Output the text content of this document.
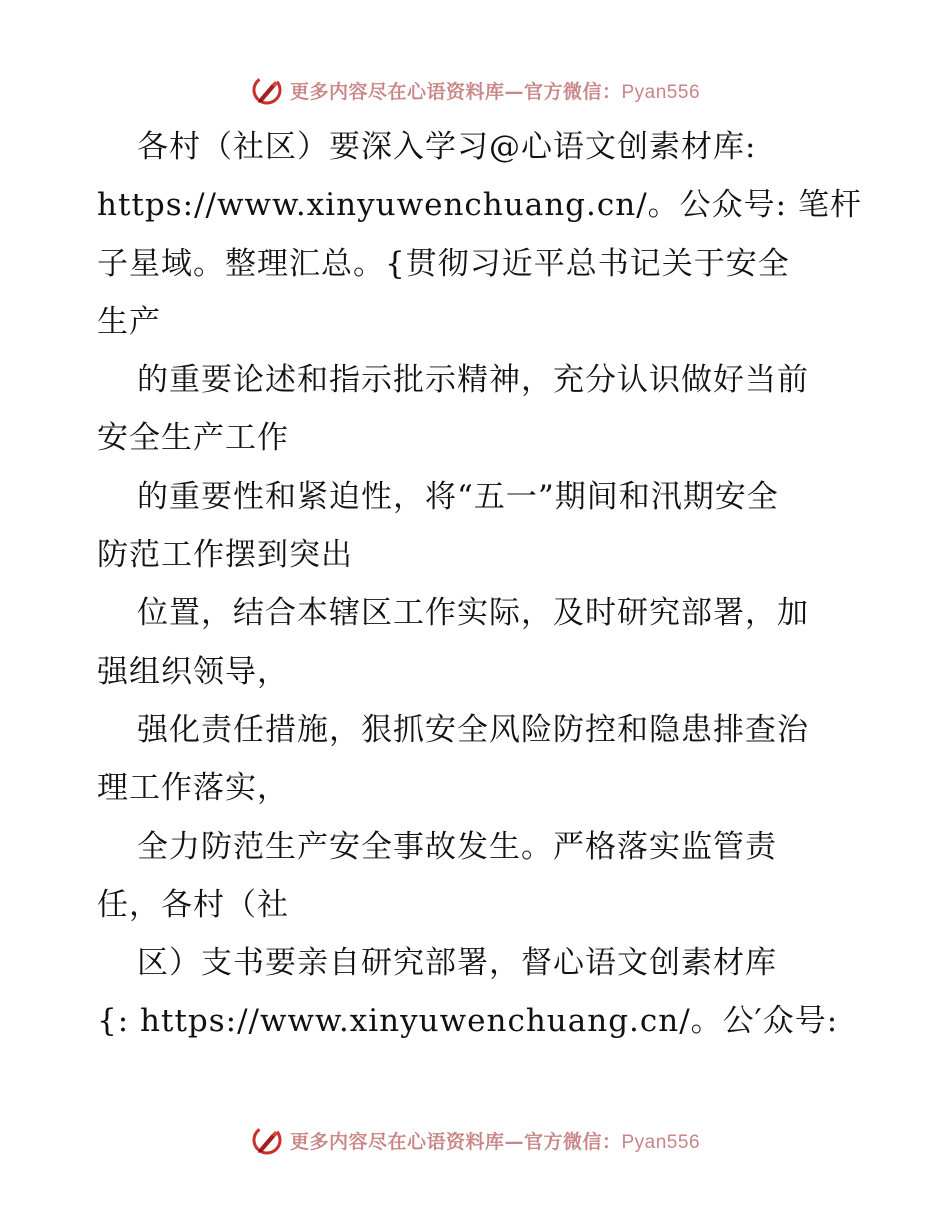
更多内容尽在心语资料库—官方微信：Pyan556
各村（社区）要深入学习@心语文创素材库:
https://www.xinyuwenchuang.cn/。公众号: 笔杆
子星域。整理汇总。{贯彻习近平总书记关于安全
生产
的重要论述和指示批示精神，充分认识做好当前
安全生产工作
的重要性和紧迫性，将“五一”期间和汛期安全
防范工作摆到突出
位置，结合本辖区工作实际，及时研究部署，加
强组织领导，
强化责任措施，狠抓安全风险防控和隐患排查治
理工作落实，
全力防范生产安全事故发生。严格落实监管责
任，各村（社
区）支书要亲自研究部署，督心语文创素材库
{: https://www.xinyuwenchuang.cn/。公′众号:
更多内容尽在心语资料库—官方微信：Pyan556
